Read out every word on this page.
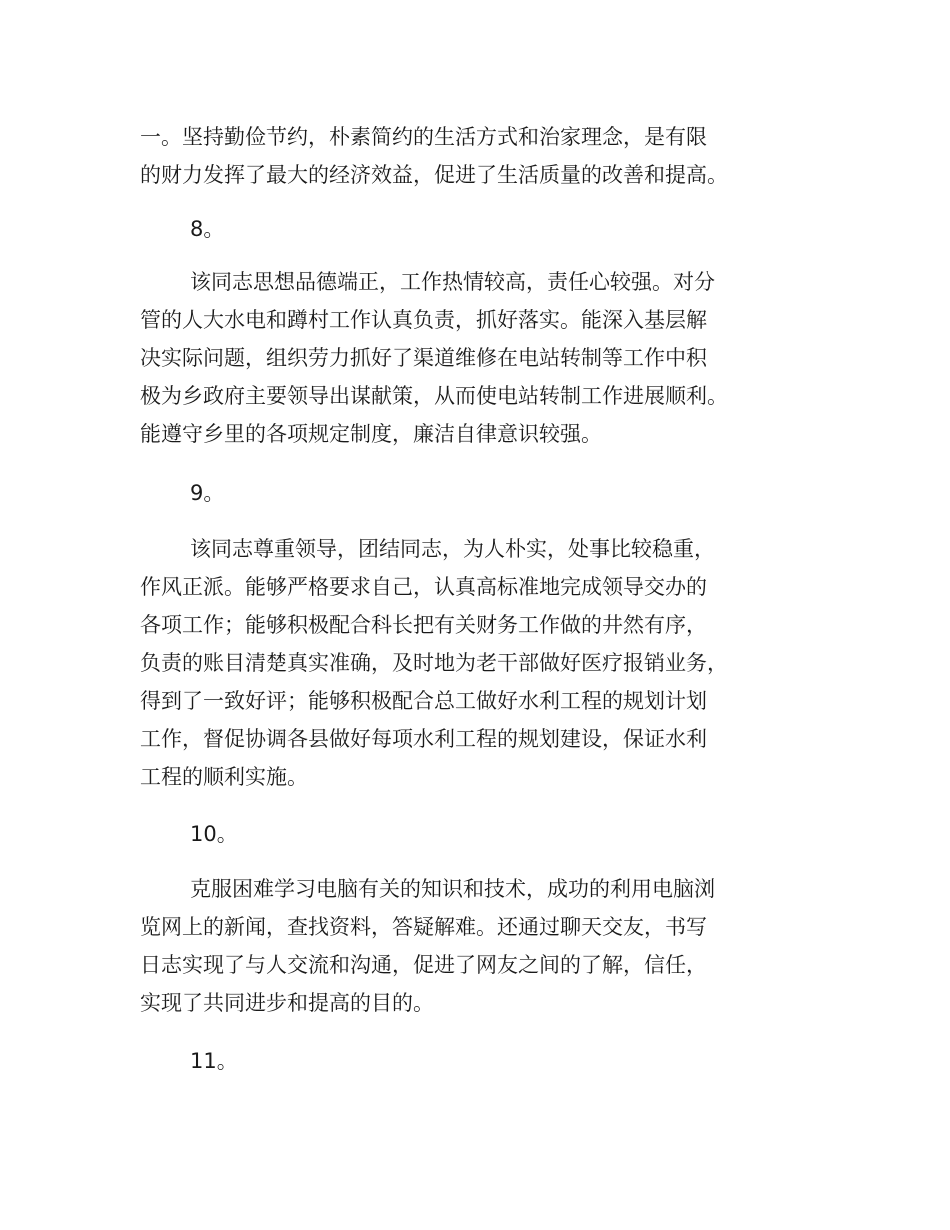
一。坚持勤俭节约，朴素简约的生活方式和治家理念，是有限
的财力发挥了最大的经济效益，促进了生活质量的改善和提高。
8。
该同志思想品德端正，工作热情较高，责任心较强。对分
管的人大水电和蹲村工作认真负责，抓好落实。能深入基层解
决实际问题，组织劳力抓好了渠道维修在电站转制等工作中积
极为乡政府主要领导出谋献策，从而使电站转制工作进展顺利。
能遵守乡里的各项规定制度，廉洁自律意识较强。
9。
该同志尊重领导，团结同志，为人朴实，处事比较稳重，
作风正派。能够严格要求自己，认真高标准地完成领导交办的
各项工作；能够积极配合科长把有关财务工作做的井然有序，
负责的账目清楚真实准确，及时地为老干部做好医疗报销业务，
得到了一致好评；能够积极配合总工做好水利工程的规划计划
工作，督促协调各县做好每项水利工程的规划建设，保证水利
工程的顺利实施。
10。
克服困难学习电脑有关的知识和技术，成功的利用电脑浏
览网上的新闻，查找资料，答疑解难。还通过聊天交友，书写
日志实现了与人交流和沟通，促进了网友之间的了解，信任，
实现了共同进步和提高的目的。
11。
